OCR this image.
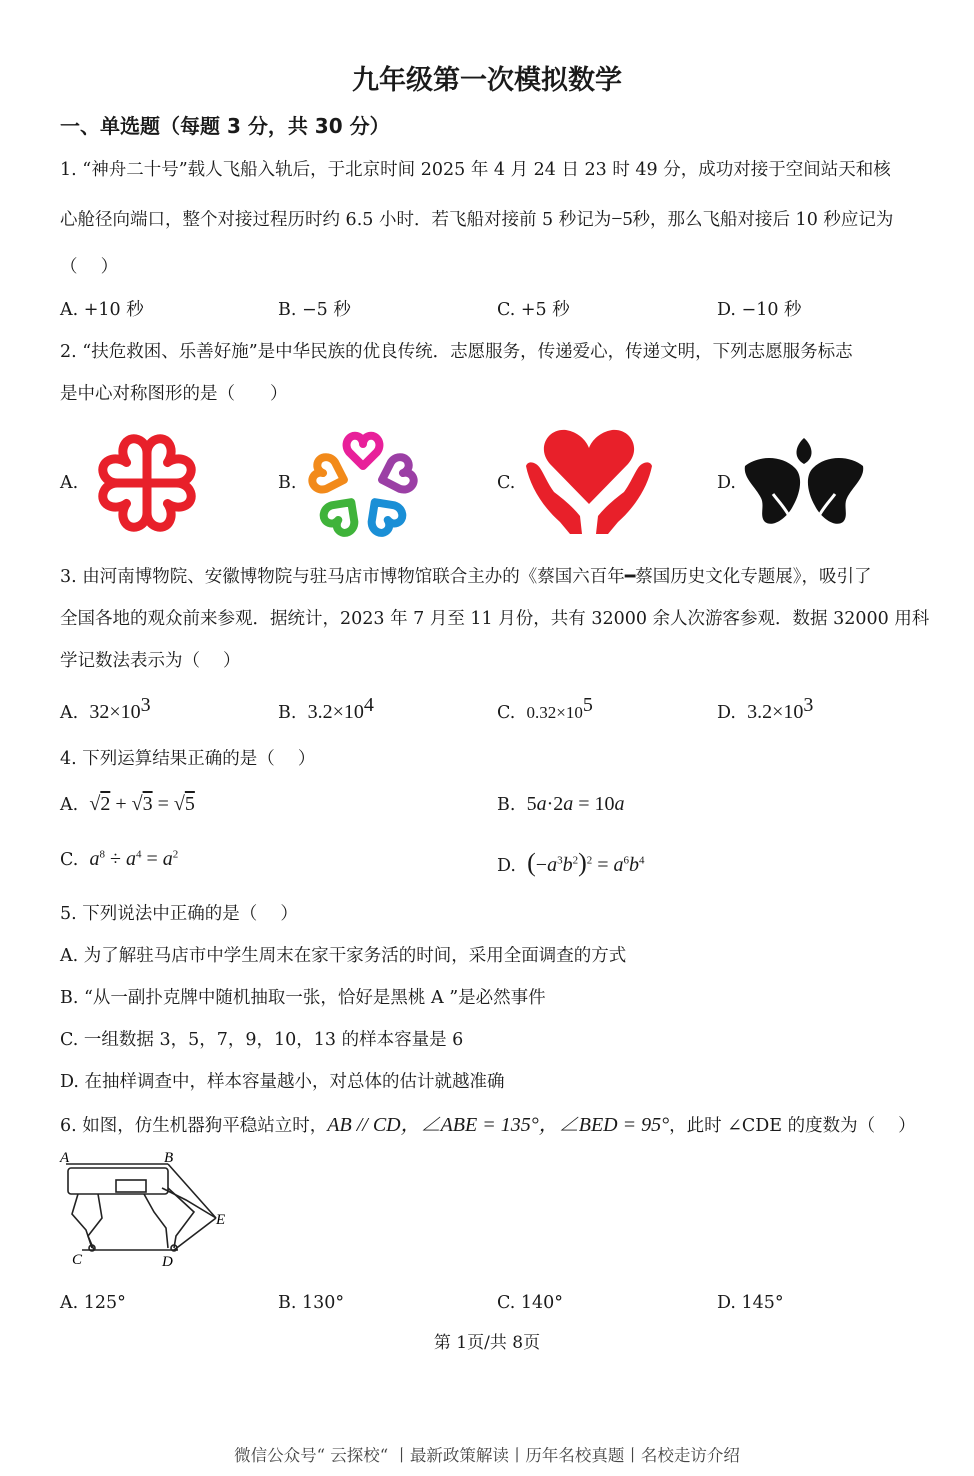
九年级第一次模拟数学
一、单选题（每题 3 分，共 30 分）
1. “神舟二十号”载人飞船入轨后，于北京时间 2025 年 4 月 24 日 23 时 49 分，成功对接于空间站天和核
心舱径向端口，整个对接过程历时约 6.5 小时．若飞船对接前 5 秒记为−5秒，那么飞船对接后 10 秒应记为
（　 ）
A. +10 秒	B. −5 秒	C. +5 秒	D. −10 秒
2. “扶危救困、乐善好施”是中华民族的优良传统．志愿服务，传递爱心，传递文明，下列志愿服务标志
是中心对称图形的是（　　）
A.	B.	C.	D.
3. 由河南博物院、安徽博物院与驻马店市博物馆联合主办的《蔡国六百年━蔡国历史文化专题展》，吸引了
全国各地的观众前来参观．据统计，2023 年 7 月至 11 月份，共有 32000 余人次游客参观．数据 32000 用科
学记数法表示为（　 ）
A. $32\times 10^3$	B. $3.2\times 10^4$	C. $0.32\times 10^5$	D. $3.2\times 10^3$
4. 下列运算结果正确的是（　 ）
A. √2 + √3 = √5	B. 5a·2a = 10a
C. $a^8 \div a^4 = a^2$
D. $(-a^3b^2)^2 = a^6b^4$
5. 下列说法中正确的是（　 ）
A. 为了解驻马店市中学生周末在家干家务活的时间，采用全面调查的方式
B. “从一副扑克牌中随机抽取一张，恰好是黑桃 A ”是必然事件
C. 一组数据 3，5，7，9，10，13 的样本容量是 6
D. 在抽样调查中，样本容量越小，对总体的估计就越准确
6. 如图，仿生机器狗平稳站立时，AB // CD，∠ABE = 135°，∠BED = 95°，此时 ∠CDE 的度数为（　 ）
A	B
C	D
E
A. 125°	B. 130°	C. 140°	D. 145°
第 1页/共 8页
微信公众号“ 云探校“ 丨最新政策解读丨历年名校真题丨名校走访介绍
